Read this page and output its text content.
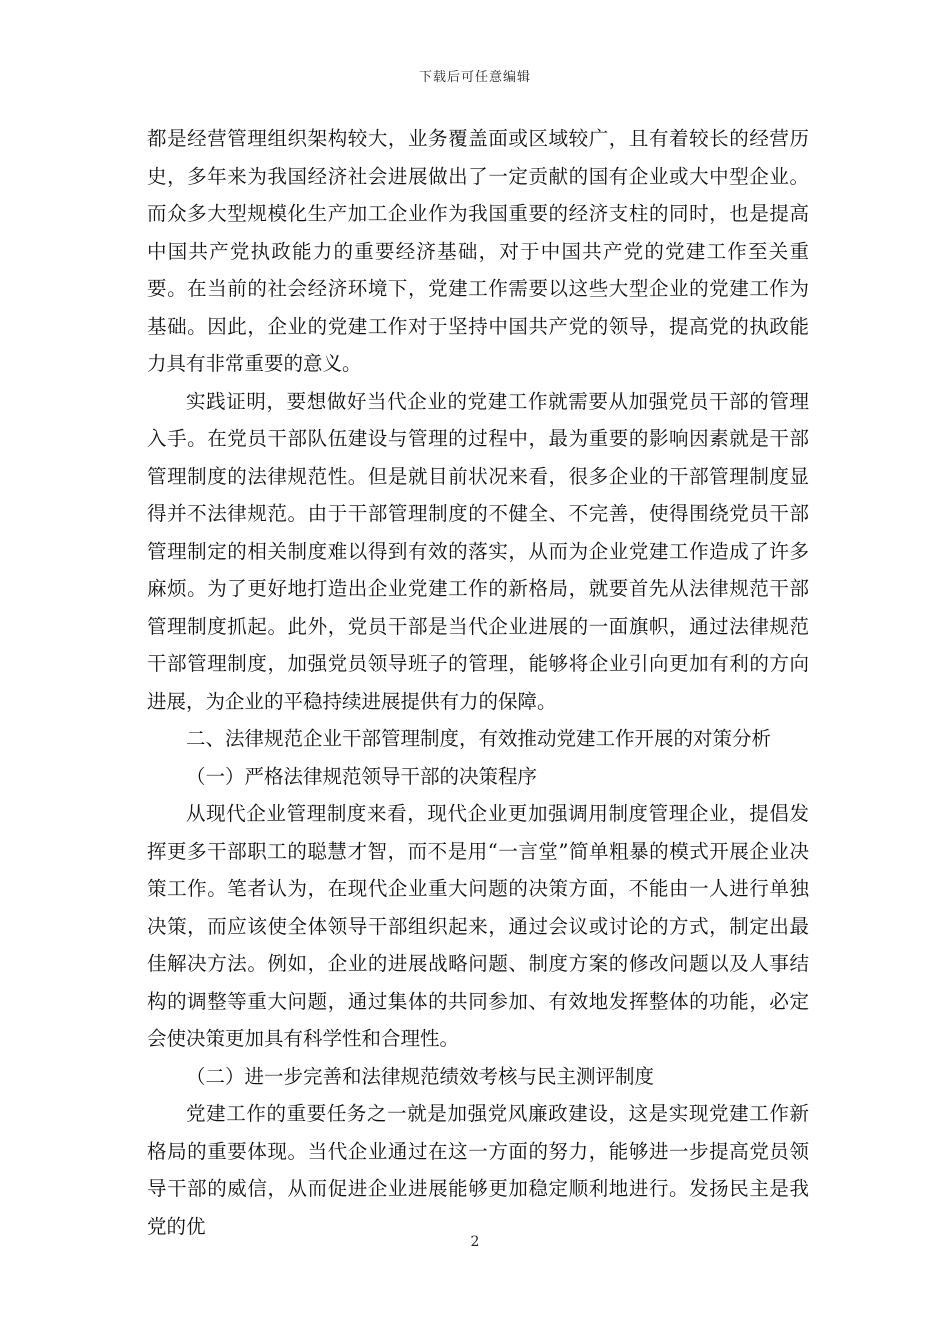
下载后可任意编辑

都是经营管理组织架构较大，业务覆盖面或区域较广，且有着较长的经营历史，多年来为我国经济社会进展做出了一定贡献的国有企业或大中型企业。而众多大型规模化生产加工企业作为我国重要的经济支柱的同时，也是提高中国共产党执政能力的重要经济基础，对于中国共产党的党建工作至关重要。在当前的社会经济环境下，党建工作需要以这些大型企业的党建工作为基础。因此，企业的党建工作对于坚持中国共产党的领导，提高党的执政能力具有非常重要的意义。

实践证明，要想做好当代企业的党建工作就需要从加强党员干部的管理入手。在党员干部队伍建设与管理的过程中，最为重要的影响因素就是干部管理制度的法律规范性。但是就目前状况来看，很多企业的干部管理制度显得并不法律规范。由于干部管理制度的不健全、不完善，使得围绕党员干部管理制定的相关制度难以得到有效的落实，从而为企业党建工作造成了许多麻烦。为了更好地打造出企业党建工作的新格局，就要首先从法律规范干部管理制度抓起。此外，党员干部是当代企业进展的一面旗帜，通过法律规范干部管理制度，加强党员领导班子的管理，能够将企业引向更加有利的方向进展，为企业的平稳持续进展提供有力的保障。

二、法律规范企业干部管理制度，有效推动党建工作开展的对策分析

（一）严格法律规范领导干部的决策程序

从现代企业管理制度来看，现代企业更加强调用制度管理企业，提倡发挥更多干部职工的聪慧才智，而不是用“一言堂”简单粗暴的模式开展企业决策工作。笔者认为，在现代企业重大问题的决策方面，不能由一人进行单独决策，而应该使全体领导干部组织起来，通过会议或讨论的方式，制定出最佳解决方法。例如，企业的进展战略问题、制度方案的修改问题以及人事结构的调整等重大问题，通过集体的共同参加、有效地发挥整体的功能，必定会使决策更加具有科学性和合理性。

（二）进一步完善和法律规范绩效考核与民主测评制度

党建工作的重要任务之一就是加强党风廉政建设，这是实现党建工作新格局的重要体现。当代企业通过在这一方面的努力，能够进一步提高党员领导干部的威信，从而促进企业进展能够更加稳定顺利地进行。发扬民主是我党的优

2
